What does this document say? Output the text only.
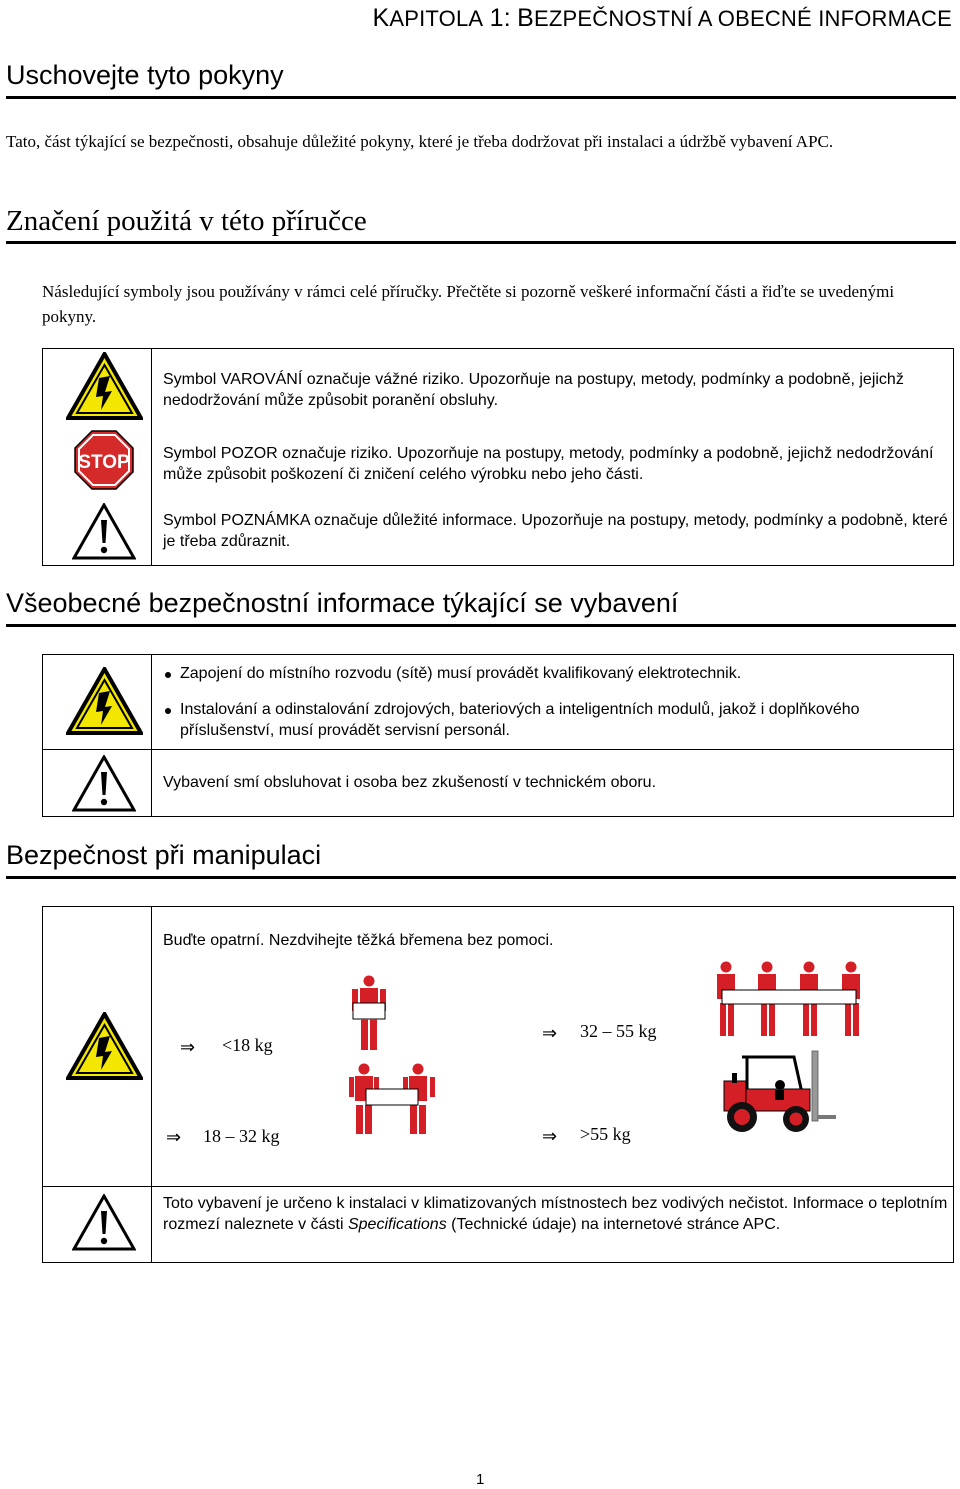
KAPITOLA 1: BEZPEČNOSTNÍ A OBECNÉ INFORMACE
Uschovejte tyto pokyny
Tato, část týkající se bezpečnosti, obsahuje důležité pokyny, které je třeba dodržovat při instalaci a údržbě vybavení APC.
Značení použitá v této příručce
Následující symboly jsou používány v rámci celé příručky. Přečtěte si pozorně veškeré informační části a řiďte se uvedenými pokyny.
STOP
Symbol VAROVÁNÍ označuje vážné riziko. Upozorňuje na postupy, metody, podmínky a podobně, jejichž nedodržování může způsobit poranění obsluhy.
Symbol POZOR označuje riziko. Upozorňuje na postupy, metody, podmínky a podobně, jejichž nedodržování může způsobit poškození či zničení celého výrobku nebo jeho části.
Symbol POZNÁMKA označuje důležité informace. Upozorňuje na postupy, metody, podmínky a podobně, které je třeba zdůraznit.
Všeobecné bezpečnostní informace týkající se vybavení
Zapojení do místního rozvodu (sítě) musí provádět kvalifikovaný elektrotechnik.
Instalování a odinstalování zdrojových, bateriových a inteligentních modulů, jakož i doplňkového příslušenství, musí provádět servisní personál.
Vybavení smí obsluhovat i osoba bez zkušeností v technickém oboru.
Bezpečnost při manipulaci
Buďte opatrní. Nezdvihejte těžká břemena bez pomoci.
⇒ <18 kg
⇒ 18 – 32 kg
⇒ 32 – 55 kg
⇒ >55 kg
Toto vybavení je určeno k instalaci v klimatizovaných místnostech bez vodivých nečistot. Informace o teplotním rozmezí naleznete v části Specifications (Technické údaje) na internetové stránce APC.
1
